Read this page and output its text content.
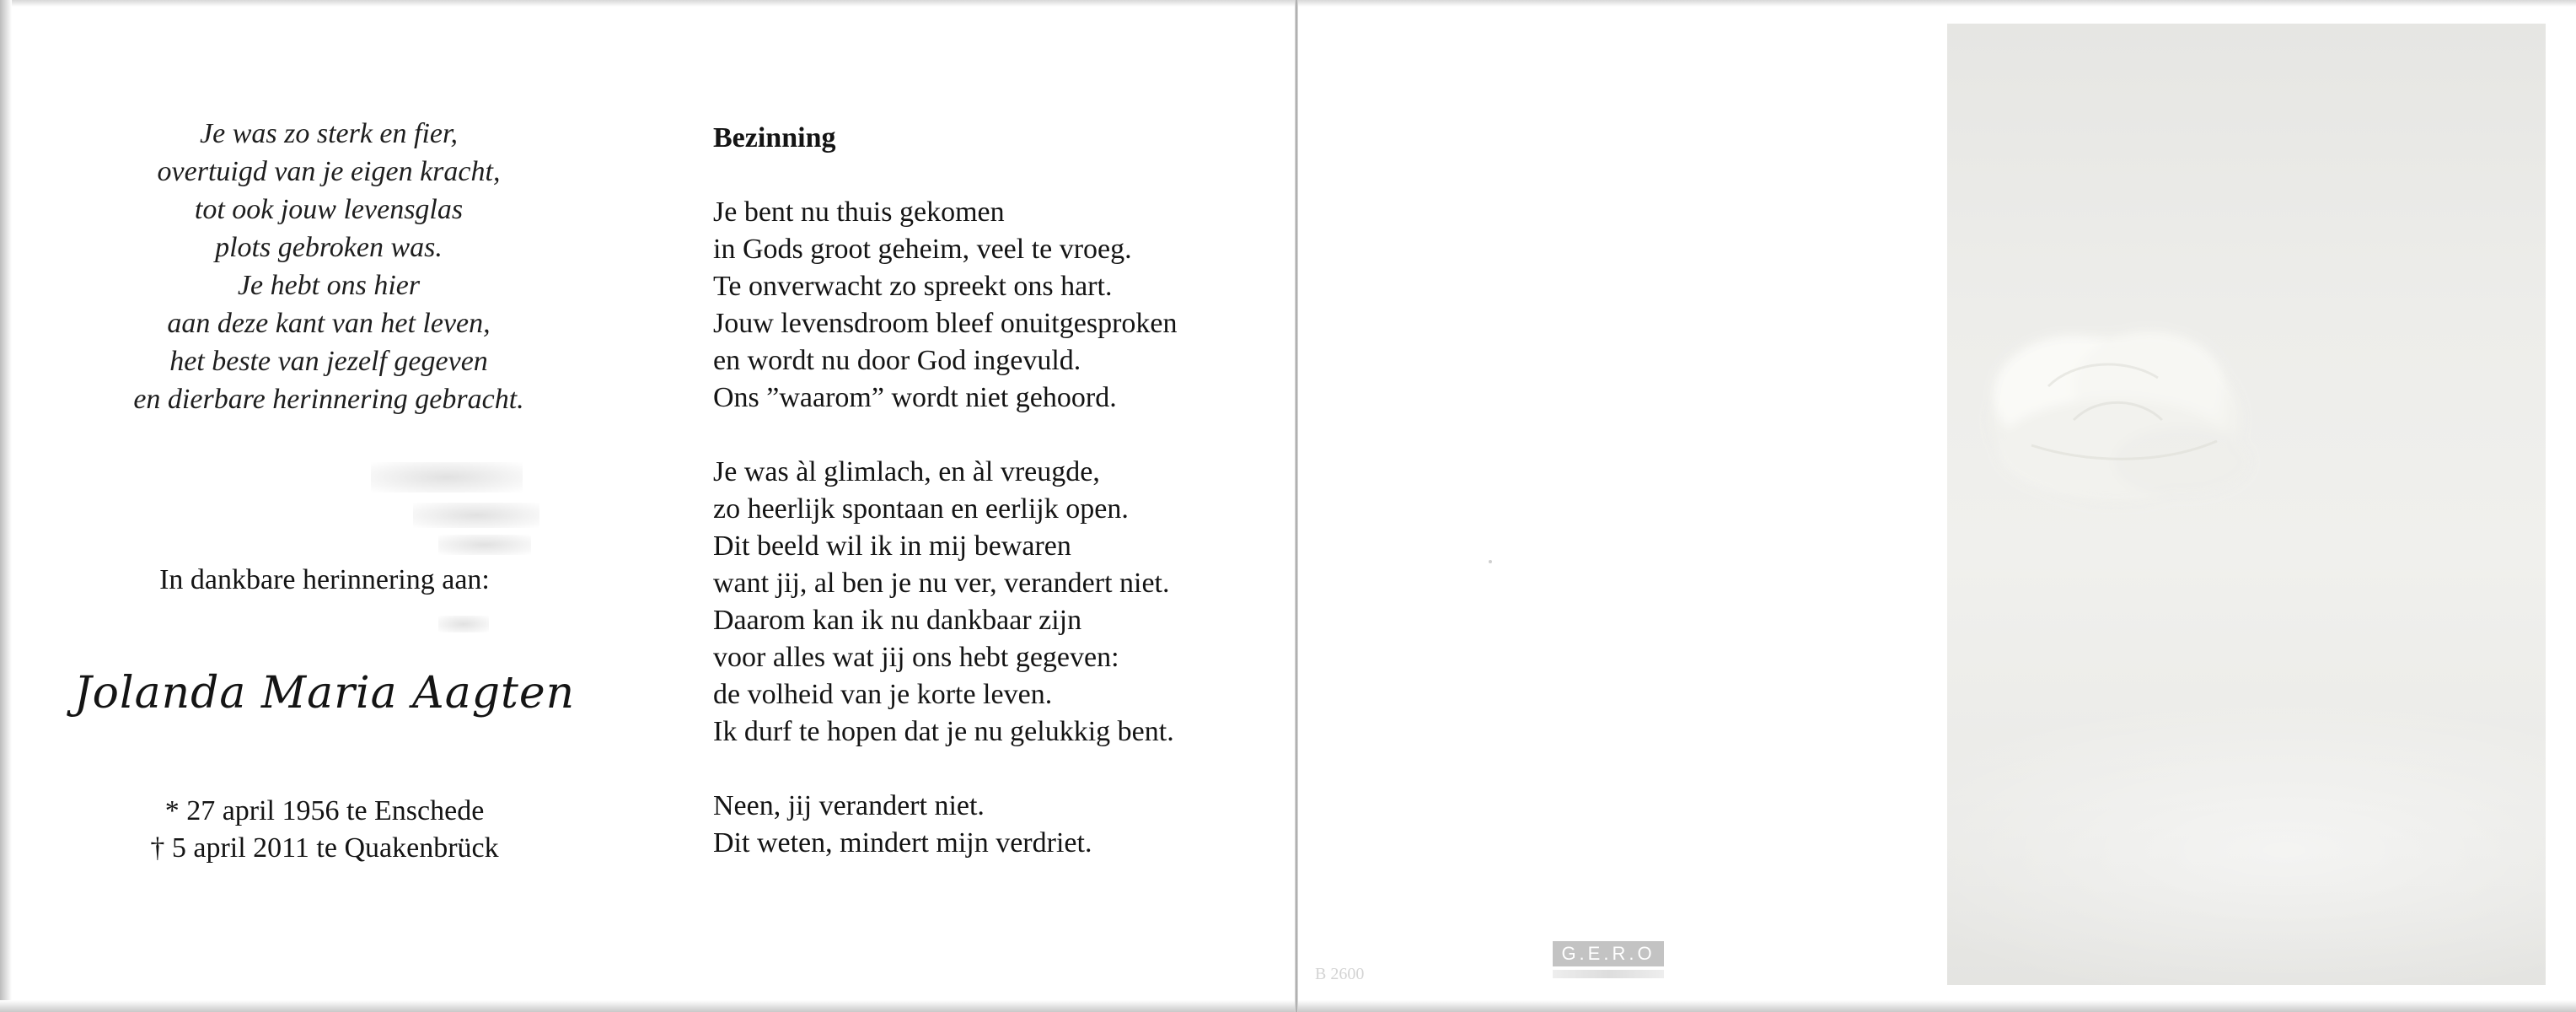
Je was zo sterk en fier,
overtuigd van je eigen kracht,
tot ook jouw levensglas
plots gebroken was.
Je hebt ons hier
aan deze kant van het leven,
het beste van jezelf gegeven
en dierbare herinnering gebracht.
In dankbare herinnering aan:
Jolanda Maria Aagten
* 27 april 1956 te Enschede
† 5 april 2011 te Quakenbrück
Bezinning
Je bent nu thuis gekomen
in Gods groot geheim, veel te vroeg.
Te onverwacht zo spreekt ons hart.
Jouw levensdroom bleef onuitgesproken
en wordt nu door God ingevuld.
Ons ”waarom” wordt niet gehoord.
Je was àl glimlach, en àl vreugde,
zo heerlijk spontaan en eerlijk open.
Dit beeld wil ik in mij bewaren
want jij, al ben je nu ver, verandert niet.
Daarom kan ik nu dankbaar zijn
voor alles wat jij ons hebt gegeven:
de volheid van je korte leven.
Ik durf te hopen dat je nu gelukkig bent.
Neen, jij verandert niet.
Dit weten, mindert mijn verdriet.
B 2600
G.E.R.O
